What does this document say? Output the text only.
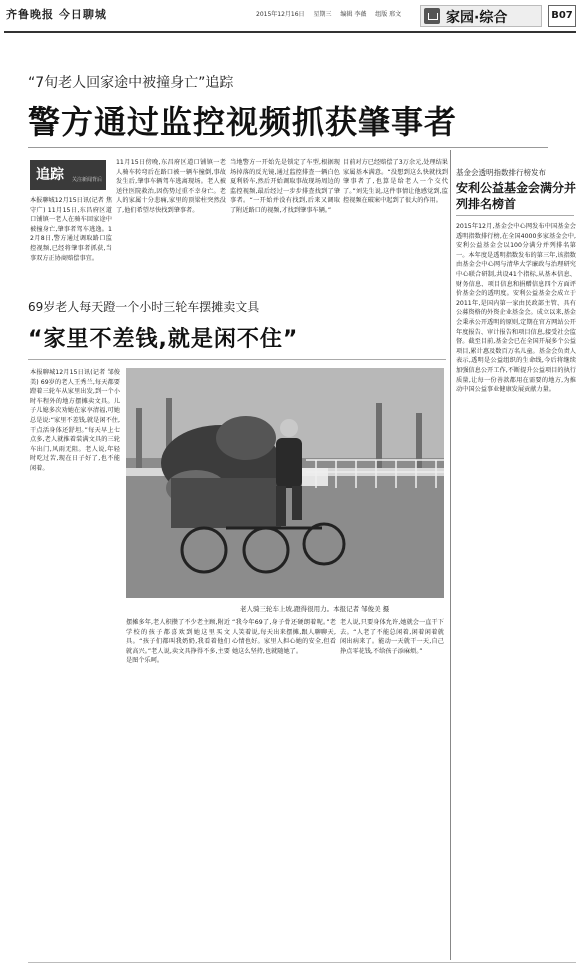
齐鲁晚报 今日聊城	2015年12月16日 星期三 编辑 李薇 组版 邢文	家园·综合	B07
“7旬老人回家途中被撞身亡”追踪
警方通过监控视频抓获肇事者
追踪 关注新闻背后
本报聊城12月15日讯(记者 焦守广) 11月15日,东昌府区道口铺镇一老人在骑车回家途中被撞身亡,肇事者驾车逃逸。12月8日,警方通过调取路口监控视频,已经将肇事者抓获,当事双方正协商赔偿事宜。
11月15日傍晚,东昌府区道口铺镇一老人骑车转弯后在路口被一辆车撞倒,事故发生后,肇事车辆驾车逃离现场。老人被送往医院救治,因伤势过重不幸身亡。老人的家属十分悲痛,家里的顶梁柱突然没了,他们希望尽快找到肇事者。
当地警方一开始先是锁定了车型,根据现场掉落的反光镜,通过监控排查一辆白色夏利轿车,然后开始调取事故现场周边的监控视频,最后经过一步步排查找到了肇事者。“一开始并没有找到,后来又调取了附近路口的视频,才找到肇事车辆。”
目前对方已经赔偿了3万余元,处理结果家属基本满意。“没想到这么快就找到肇事者了,也算是给老人一个交代了。”刘先生说,这件事情让他感觉到,监控视频在破案中起到了很大的作用。
69岁老人每天蹬一个小时三轮车摆摊卖文具
“家里不差钱,就是闲不住”
本报聊城12月15日讯(记者 邹俊美) 69岁的老人王秀兰,每天都要蹬着三轮车从家里出发,到一个小时车程外的地方摆摊卖文具。儿子儿媳多次劝她在家享清福,可她总是说:“家里不差钱,就是闲不住,干点活身体还舒坦。”每天早上七点多,老人就推着装满文具的三轮车出门,风雨无阻。老人说,年轻时吃过苦,现在日子好了,也不能闲着。
老人骑三轮车上坡,蹬得很用力。本报记者 邹俊美 摄
摆摊多年,老人积攒了不少老主顾,附近学校的孩子都喜欢到她这里买文具。“孩子们都叫我奶奶,我看着他们就高兴。”老人说,卖文具挣得不多,主要是图个乐呵。
“我今年69了,身子骨还硬朗着呢。”老人笑着说,每天出来摆摊,跟人聊聊天,心情也好。家里人担心她的安全,但看她这么坚持,也就随她了。
老人说,只要身体允许,她就会一直干下去。“人老了不能总闲着,闲着闲着就闲出病来了。能动一天就干一天,自己挣点零花钱,不给孩子添麻烦。”
基金会透明指数排行榜发布
安利公益基金会满分并列排名榜首
2015年12月,基金会中心网发布中国基金会透明指数排行榜,在全国4000多家基金会中,安利公益基金会以100分满分并列排名第一。本年度是透明指数发布的第三年,该指数由基金会中心网与清华大学廉政与治理研究中心联合研制,共设41个指标,从基本信息、财务信息、项目信息和捐赠信息四个方面评价基金会的透明度。安利公益基金会成立于2011年,是国内第一家由民政部主管、具有公募资格的外资企业基金会。成立以来,基金会秉承公开透明的原则,定期在官方网站公开年度报告、审计报告和项目信息,接受社会监督。截至目前,基金会已在全国开展多个公益项目,累计惠及数百万名儿童。基金会负责人表示,透明是公益组织的生命线,今后将继续加强信息公开工作,不断提升公益项目的执行质量,让每一份善款都用在需要的地方,为推动中国公益事业健康发展贡献力量。
